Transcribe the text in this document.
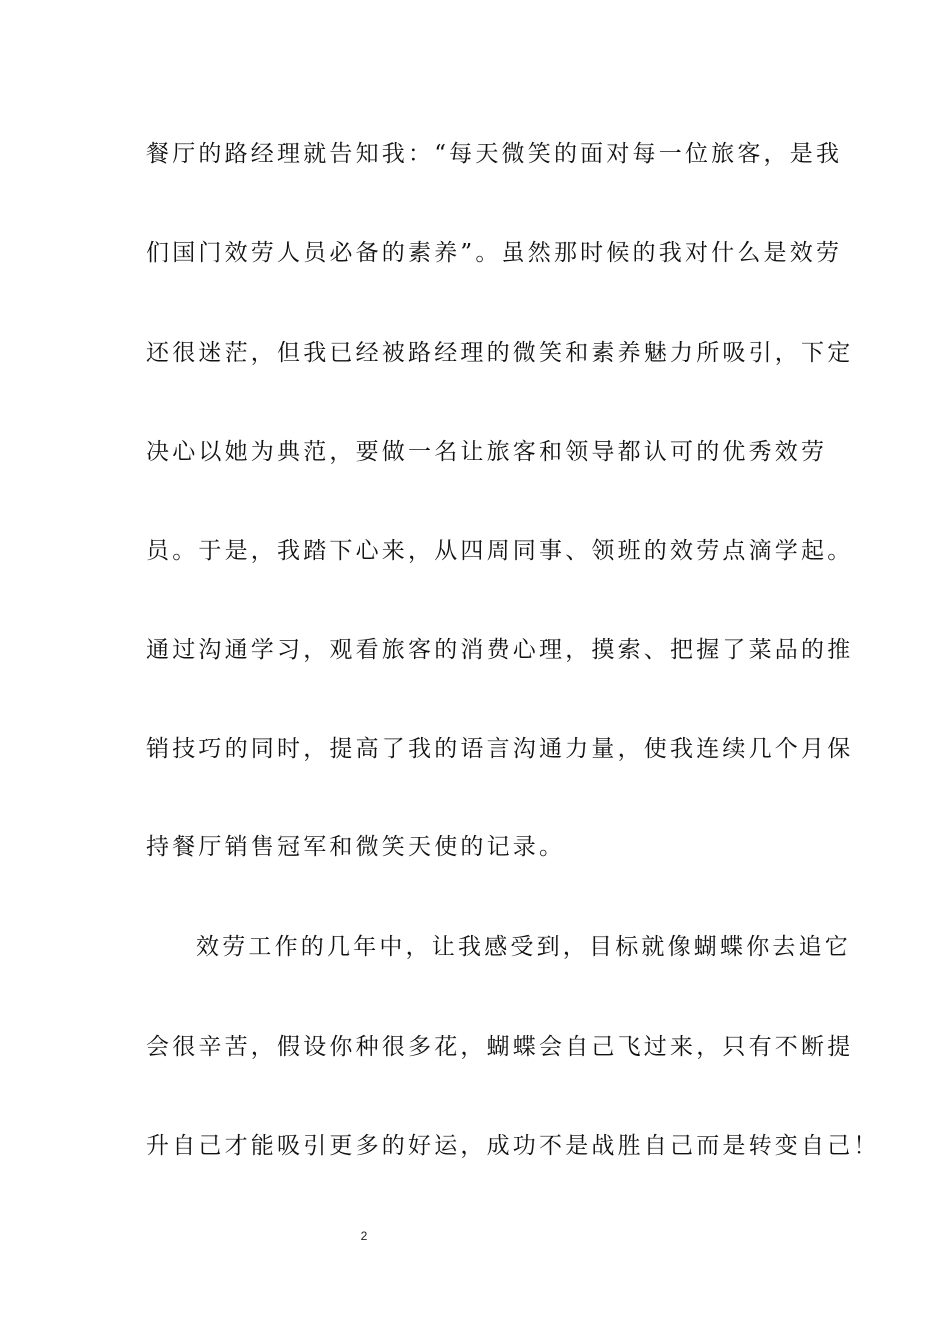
餐厅的路经理就告知我：“每天微笑的面对每一位旅客，是我
们国门效劳人员必备的素养”。虽然那时候的我对什么是效劳
还很迷茫，但我已经被路经理的微笑和素养魅力所吸引，下定
决心以她为典范，要做一名让旅客和领导都认可的优秀效劳
员。于是，我踏下心来，从四周同事、领班的效劳点滴学起。
通过沟通学习，观看旅客的消费心理，摸索、把握了菜品的推
销技巧的同时，提高了我的语言沟通力量，使我连续几个月保
持餐厅销售冠军和微笑天使的记录。
效劳工作的几年中，让我感受到，目标就像蝴蝶你去追它
会很辛苦，假设你种很多花，蝴蝶会自己飞过来，只有不断提
升自己才能吸引更多的好运，成功不是战胜自己而是转变自己！
2
